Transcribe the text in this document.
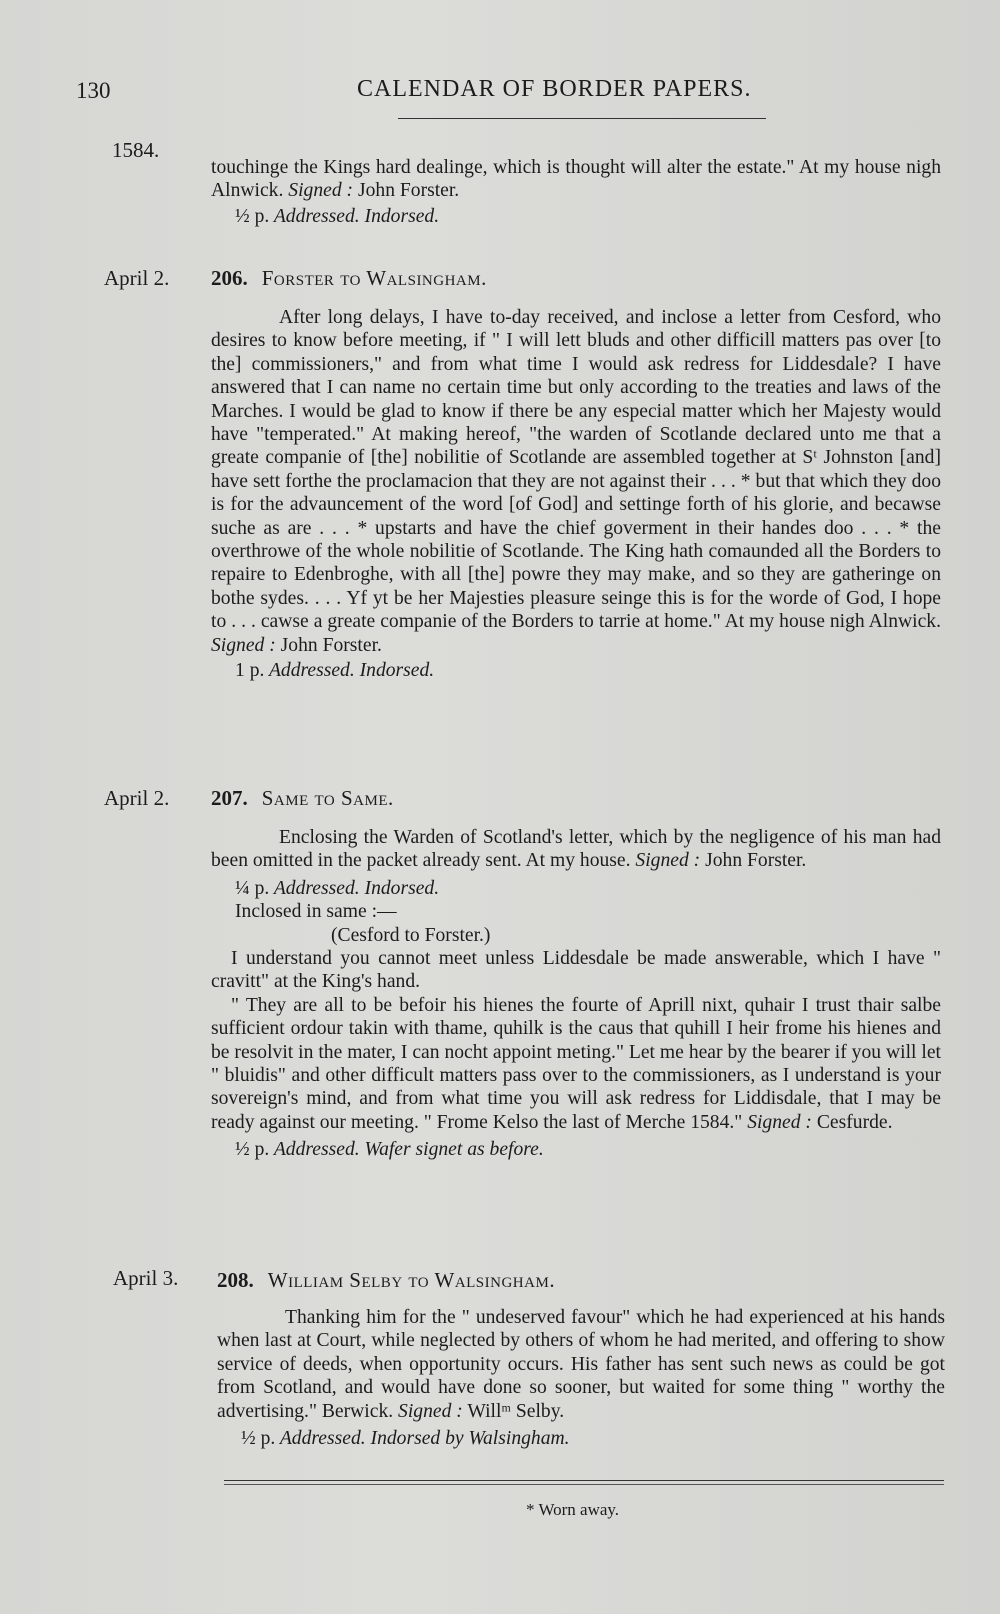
130	CALENDAR OF BORDER PAPERS.
1584.

touchinge the Kings hard dealinge, which is thought will alter the estate." At my house nigh Alnwick. Signed : John Forster.

½ p. Addressed. Indorsed.

April 2. 206. Forster to Walsingham.

After long delays, I have to-day received, and inclose a letter from Cesford, who desires to know before meeting, if " I will lett bluds and other difficill matters pas over [to the] commissioners," and from what time I would ask redress for Liddesdale? I have answered that I can name no certain time but only according to the treaties and laws of the Marches. I would be glad to know if there be any especial matter which her Majesty would have "temperated." At making hereof, "the warden of Scotlande declared unto me that a greate companie of [the] nobilitie of Scotlande are assembled together at Sᵗ Johnston [and] have sett forthe the proclamacion that they are not against their . . . * but that which they doo is for the advauncement of the word [of God] and settinge forth of his glorie, and becawse suche as are . . . * upstarts and have the chief goverment in their handes doo . . . * the overthrowe of the whole nobilitie of Scotlande. The King hath comaunded all the Borders to repaire to Edenbroghe, with all [the] powre they may make, and so they are gatheringe on bothe sydes. . . . Yf yt be her Majesties pleasure seinge this is for the worde of God, I hope to . . . cawse a greate companie of the Borders to tarrie at home." At my house nigh Alnwick. Signed : John Forster.

1 p. Addressed. Indorsed.

April 2. 207. Same to Same.

Enclosing the Warden of Scotland's letter, which by the negligence of his man had been omitted in the packet already sent. At my house. Signed : John Forster.

¼ p. Addressed. Indorsed.

Inclosed in same :—

(Cesford to Forster.)

I understand you cannot meet unless Liddesdale be made answerable, which I have " cravitt" at the King's hand.

" They are all to be befoir his hienes the fourte of Aprill nixt, quhair I trust thair salbe sufficient ordour takin with thame, quhilk is the caus that quhill I heir frome his hienes and be resolvit in the mater, I can nocht appoint meting." Let me hear by the bearer if you will let " bluidis" and other difficult matters pass over to the commissioners, as I understand is your sovereign's mind, and from what time you will ask redress for Liddisdale, that I may be ready against our meeting. " Frome Kelso the last of Merche 1584." Signed : Cesfurde.

½ p. Addressed. Wafer signet as before.

April 3. 208. William Selby to Walsingham.

Thanking him for the " undeserved favour" which he had experienced at his hands when last at Court, while neglected by others of whom he had merited, and offering to show service of deeds, when opportunity occurs. His father has sent such news as could be got from Scotland, and would have done so sooner, but waited for some thing " worthy the advertising." Berwick. Signed : Willᵐ Selby.

½ p. Addressed. Indorsed by Walsingham.

* Worn away.
